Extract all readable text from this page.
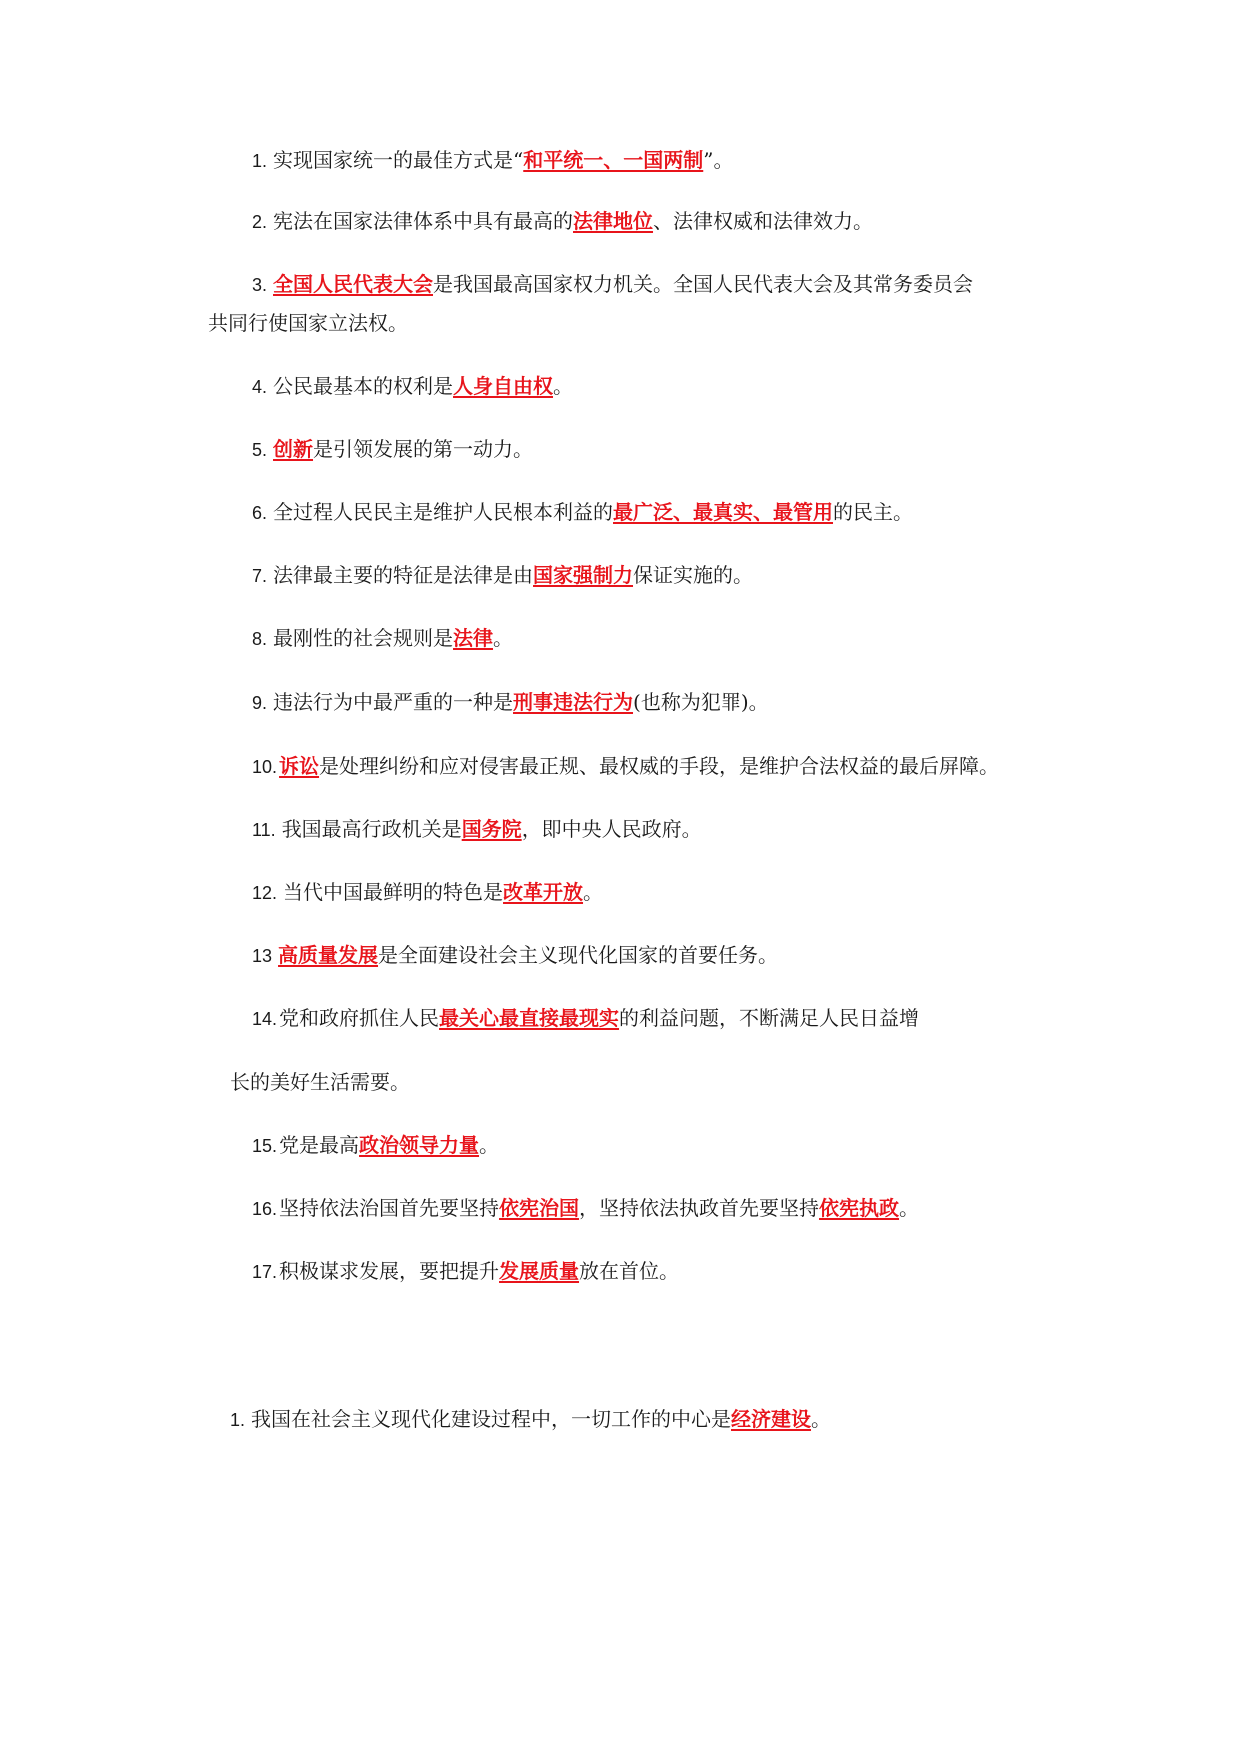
1. 实现国家统一的最佳方式是“和平统一、一国两制”。
2. 宪法在国家法律体系中具有最高的法律地位、法律权威和法律效力。
3. 全国人民代表大会是我国最高国家权力机关。全国人民代表大会及其常务委员会
共同行使国家立法权。
4. 公民最基本的权利是人身自由权。
5. 创新是引领发展的第一动力。
6. 全过程人民民主是维护人民根本利益的最广泛、最真实、最管用的民主。
7. 法律最主要的特征是法律是由国家强制力保证实施的。
8. 最刚性的社会规则是法律。
9. 违法行为中最严重的一种是刑事违法行为(也称为犯罪)。
10. 诉讼是处理纠纷和应对侵害最正规、最权威的手段，是维护合法权益的最后屏障。
11. 我国最高行政机关是国务院，即中央人民政府。
12. 当代中国最鲜明的特色是改革开放。
13 高质量发展是全面建设社会主义现代化国家的首要任务。
14. 党和政府抓住人民最关心最直接最现实的利益问题，不断满足人民日益增
长的美好生活需要。
15. 党是最高政治领导力量。
16. 坚持依法治国首先要坚持依宪治国，坚持依法执政首先要坚持依宪执政。
17. 积极谋求发展，要把提升发展质量放在首位。
1. 我国在社会主义现代化建设过程中，一切工作的中心是经济建设。
